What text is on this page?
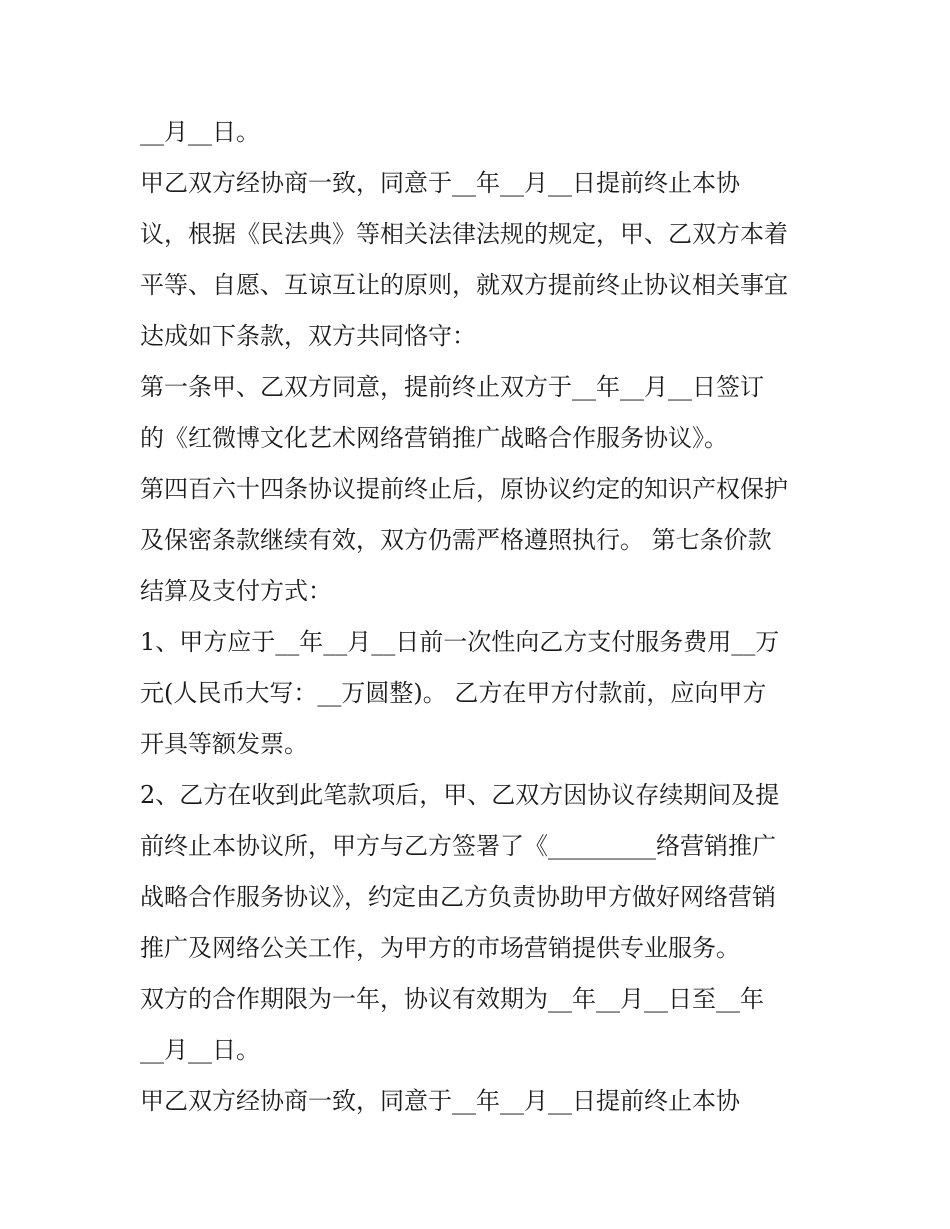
__月__日。
甲乙双方经协商一致，同意于__年__月__日提前终止本协
议，根据《民法典》等相关法律法规的规定，甲、乙双方本着
平等、自愿、互谅互让的原则，就双方提前终止协议相关事宜
达成如下条款，双方共同恪守：
第一条甲、乙双方同意，提前终止双方于__年__月__日签订
的《红微博文化艺术网络营销推广战略合作服务协议》。
第四百六十四条协议提前终止后，原协议约定的知识产权保护
及保密条款继续有效，双方仍需严格遵照执行。 第七条价款
结算及支付方式：
1、甲方应于__年__月__日前一次性向乙方支付服务费用__万
元(人民币大写：__万圆整)。 乙方在甲方付款前，应向甲方
开具等额发票。
2、乙方在收到此笔款项后，甲、乙双方因协议存续期间及提
前终止本协议所，甲方与乙方签署了《_________络营销推广
战略合作服务协议》，约定由乙方负责协助甲方做好网络营销
推广及网络公关工作，为甲方的市场营销提供专业服务。
双方的合作期限为一年，协议有效期为__年__月__日至__年
__月__日。
甲乙双方经协商一致，同意于__年__月__日提前终止本协
